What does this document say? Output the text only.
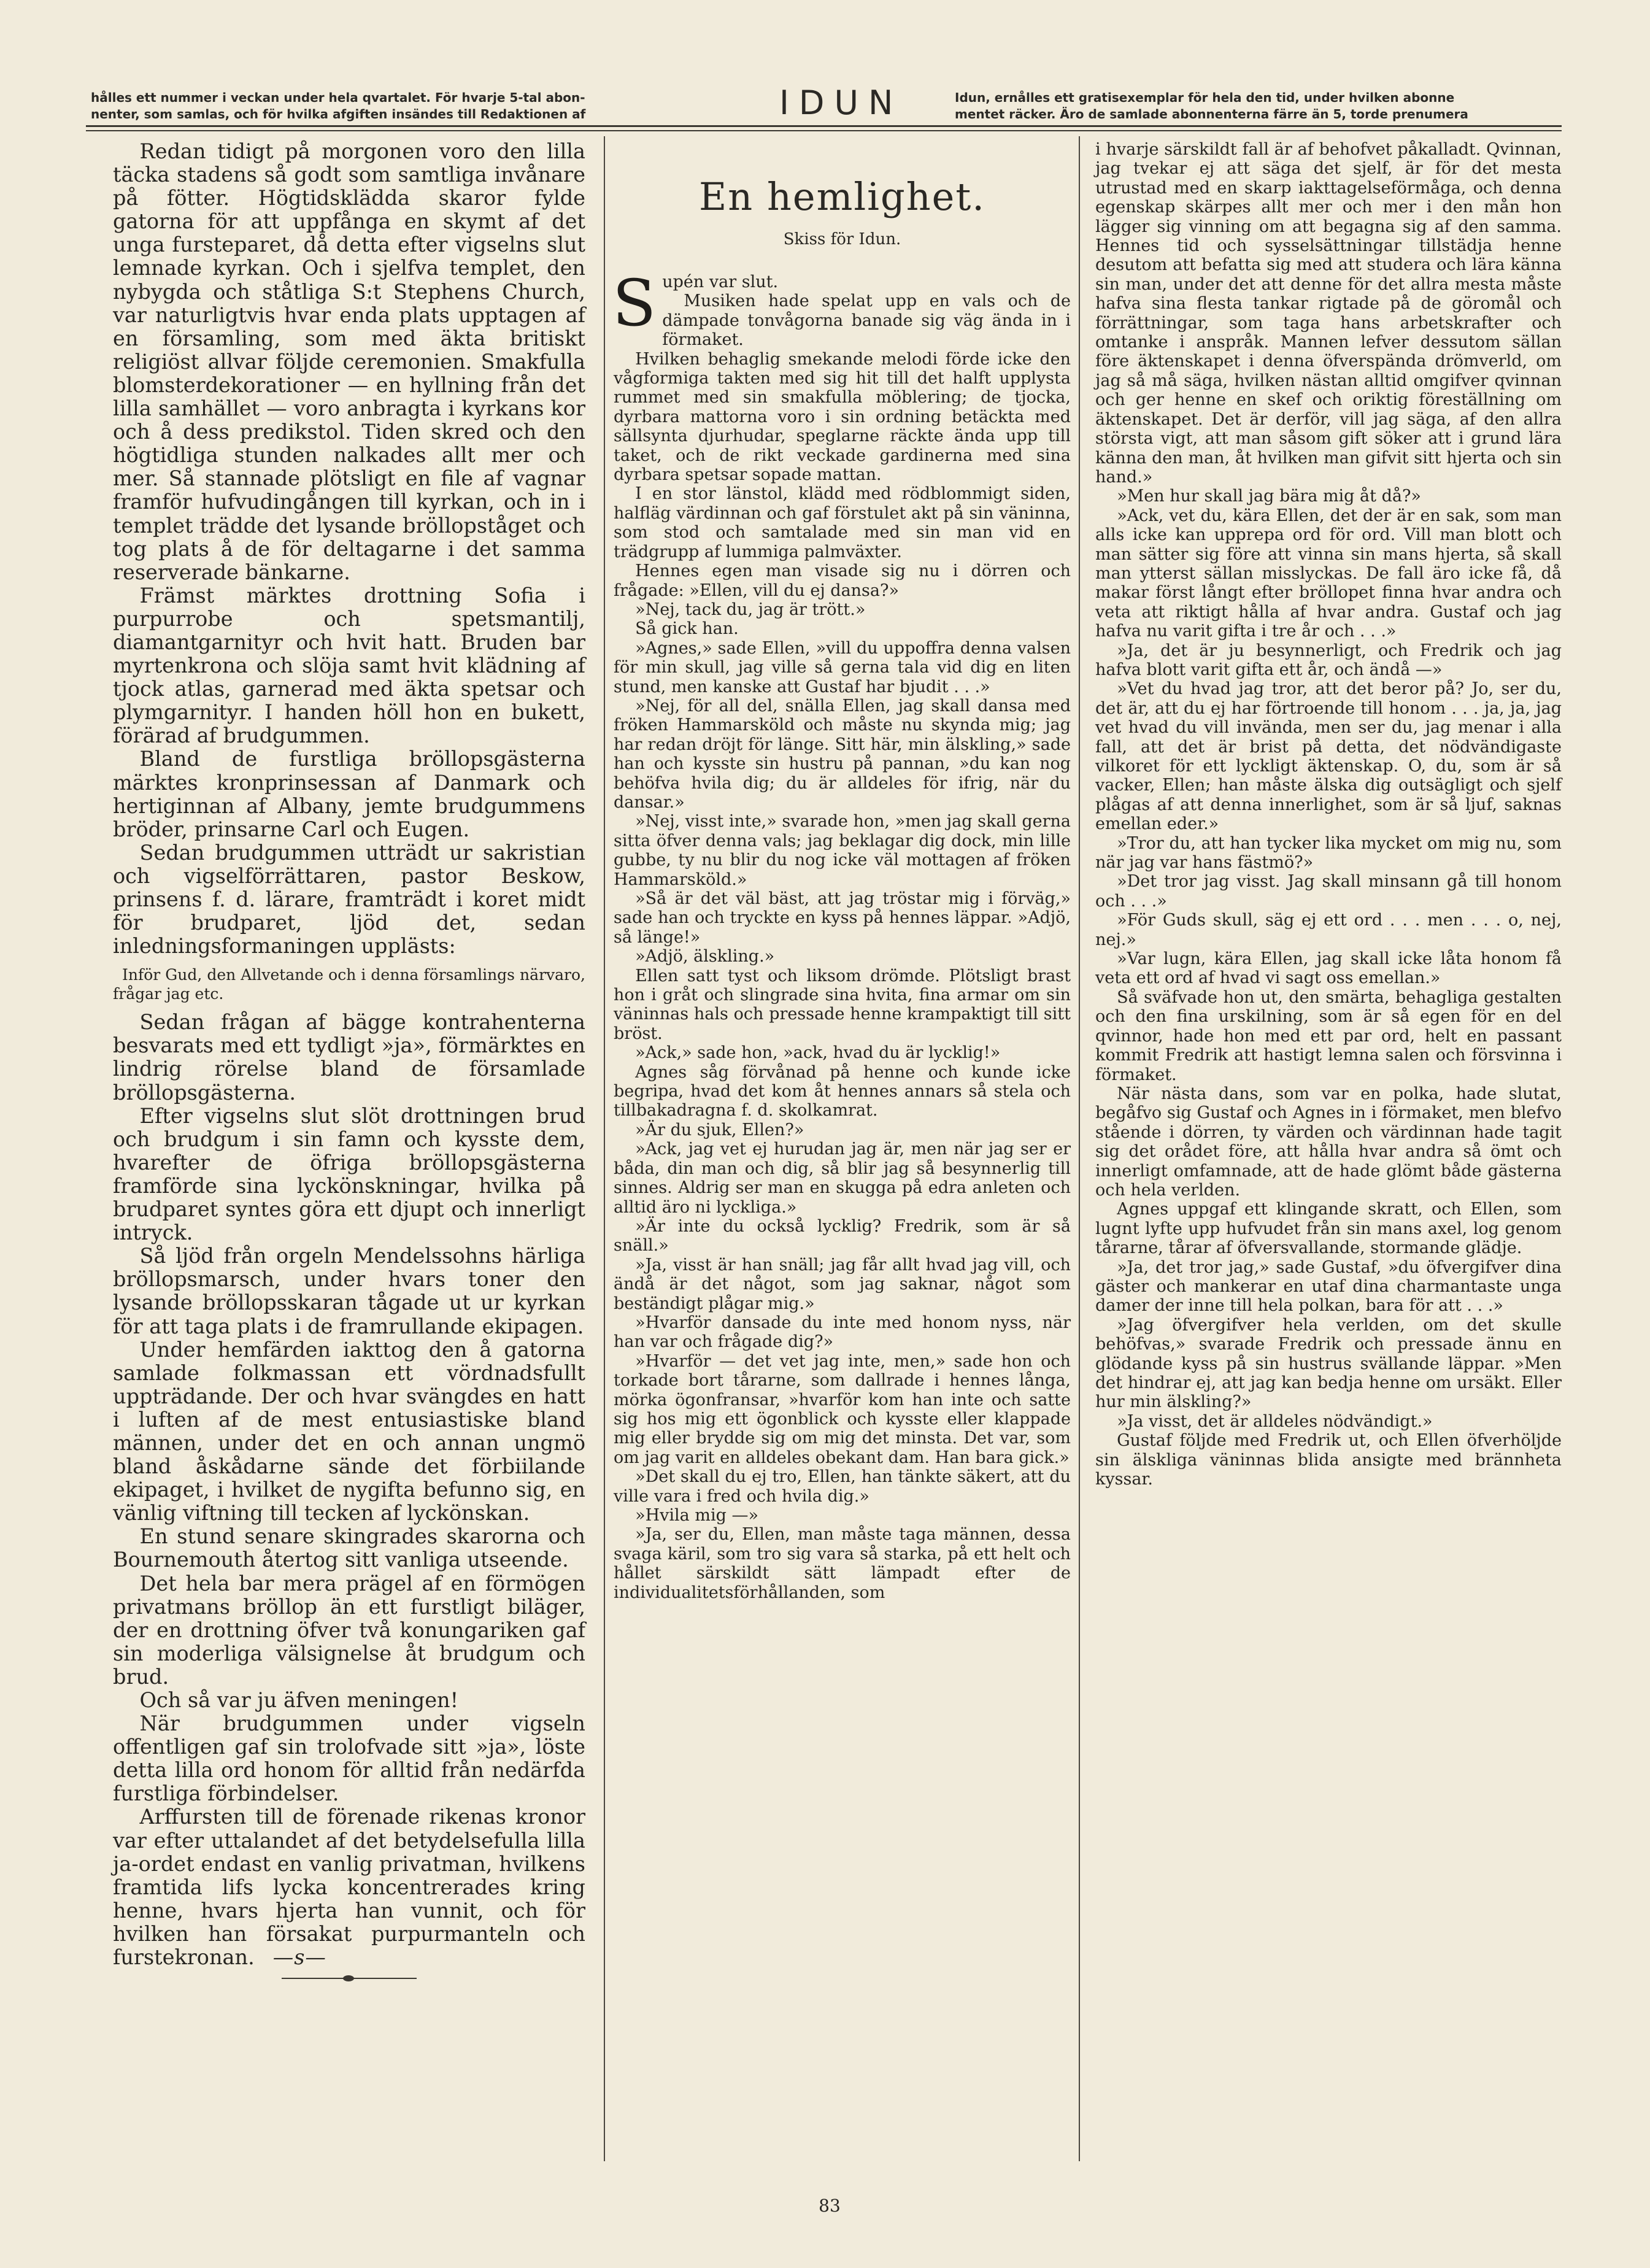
hålles ett nummer i veckan under hela qvartalet. För hvarje 5-tal abon-
nenter, som samlas, och för hvilka afgiften insändes till Redaktionen af	IDUN	Idun, ernålles ett gratisexemplar för hela den tid, under hvilken abonne
mentet räcker. Äro de samlade abonnenterna färre än 5, torde prenumera

Redan tidigt på morgonen voro den lilla täcka stadens så godt som samtliga invånare på fötter. Högtidsklädda skaror fylde gatorna för att uppfånga en skymt af det unga fursteparet, då detta efter vigselns slut lemnade kyrkan. Och i sjelfva templet, den nybygda och ståtliga S:t Stephens Church, var naturligtvis hvar enda plats upptagen af en församling, som med äkta britiskt religiöst allvar följde ceremonien. Smakfulla blomsterdekorationer — en hyllning från det lilla samhället — voro anbragta i kyrkans kor och å dess predikstol. Tiden skred och den högtidliga stunden nalkades allt mer och mer. Så stannade plötsligt en file af vagnar framför hufvudingången till kyrkan, och in i templet trädde det lysande bröllopståget och tog plats å de för deltagarne i det samma reserverade bänkarne.

Främst märktes drottning Sofia i purpurrobe och spetsmantilj, diamantgarnityr och hvit hatt. Bruden bar myrtenkrona och slöja samt hvit klädning af tjock atlas, garnerad med äkta spetsar och plymgarnityr. I handen höll hon en bukett, förärad af brudgummen.

Bland de furstliga bröllopsgästerna märktes kronprinsessan af Danmark och hertiginnan af Albany, jemte brudgummens bröder, prinsarne Carl och Eugen.

Sedan brudgummen utträdt ur sakristian och vigselförrättaren, pastor Beskow, prinsens f. d. lärare, framträdt i koret midt för brudparet, ljöd det, sedan inledningsformaningen upplästs:

Inför Gud, den Allvetande och i denna församlings närvaro, frågar jag etc.

Sedan frågan af bägge kontrahenterna besvarats med ett tydligt »ja», förmärktes en lindrig rörelse bland de församlade bröllopsgästerna.

Efter vigselns slut slöt drottningen brud och brudgum i sin famn och kysste dem, hvarefter de öfriga bröllopsgästerna framförde sina lyckönskningar, hvilka på brudparet syntes göra ett djupt och innerligt intryck.

Så ljöd från orgeln Mendelssohns härliga bröllopsmarsch, under hvars toner den lysande bröllopsskaran tågade ut ur kyrkan för att taga plats i de framrullande ekipagen.

Under hemfärden iakttog den å gatorna samlade folkmassan ett vördnadsfullt uppträdande. Der och hvar svängdes en hatt i luften af de mest entusiastiske bland männen, under det en och annan ungmö bland åskådarne sände det förbiilande ekipaget, i hvilket de nygifta befunno sig, en vänlig viftning till tecken af lyckönskan.

En stund senare skingrades skarorna och Bournemouth återtog sitt vanliga utseende.

Det hela bar mera prägel af en förmögen privatmans bröllop än ett furstligt biläger, der en drottning öfver två konungariken gaf sin moderliga välsignelse åt brudgum och brud.

Och så var ju äfven meningen!

När brudgummen under vigseln offentligen gaf sin trolofvade sitt »ja», löste detta lilla ord honom för alltid från nedärfda furstliga förbindelser.

Arffursten till de förenade rikenas kronor var efter uttalandet af det betydelsefulla lilla ja-ordet endast en vanlig privatman, hvilkens framtida lifs lycka koncentrerades kring henne, hvars hjerta han vunnit, och för hvilken han försakat purpurmanteln och furstekronan. —s—

En hemlighet.
Skiss för Idun.

Supén var slut.

Musiken hade spelat upp en vals och de dämpade tonvågorna banade sig väg ända in i förmaket.

Hvilken behaglig smekande melodi förde icke den vågformiga takten med sig hit till det halft upplysta rummet med sin smakfulla möblering; de tjocka, dyrbara mattorna voro i sin ordning betäckta med sällsynta djurhudar, speglarne räckte ända upp till taket, och de rikt veckade gardinerna med sina dyrbara spetsar sopade mattan.

I en stor länstol, klädd med rödblommigt siden, halfläg värdinnan och gaf förstulet akt på sin väninna, som stod och samtalade med sin man vid en trädgrupp af lummiga palmväxter.

Hennes egen man visade sig nu i dörren och frågade: »Ellen, vill du ej dansa?»

»Nej, tack du, jag är trött.»

Så gick han.

»Agnes,» sade Ellen, »vill du uppoffra denna valsen för min skull, jag ville så gerna tala vid dig en liten stund, men kanske att Gustaf har bjudit . . .»

»Nej, för all del, snälla Ellen, jag skall dansa med fröken Hammarsköld och måste nu skynda mig; jag har redan dröjt för länge. Sitt här, min älskling,» sade han och kysste sin hustru på pannan, »du kan nog behöfva hvila dig; du är alldeles för ifrig, när du dansar.»

»Nej, visst inte,» svarade hon, »men jag skall gerna sitta öfver denna vals; jag beklagar dig dock, min lille gubbe, ty nu blir du nog icke väl mottagen af fröken Hammarsköld.»

»Så är det väl bäst, att jag tröstar mig i förväg,» sade han och tryckte en kyss på hennes läppar. »Adjö, så länge!»

»Adjö, älskling.»

Ellen satt tyst och liksom drömde. Plötsligt brast hon i gråt och slingrade sina hvita, fina armar om sin väninnas hals och pressade henne krampaktigt till sitt bröst.

»Ack,» sade hon, »ack, hvad du är lycklig!»

Agnes såg förvånad på henne och kunde icke begripa, hvad det kom åt hennes annars så stela och tillbakadragna f. d. skolkamrat.

»Är du sjuk, Ellen?»

»Ack, jag vet ej hurudan jag är, men när jag ser er båda, din man och dig, så blir jag så besynnerlig till sinnes. Aldrig ser man en skugga på edra anleten och alltid äro ni lyckliga.»

»Är inte du också lycklig? Fredrik, som är så snäll.»

»Ja, visst är han snäll; jag får allt hvad jag vill, och ändå är det något, som jag saknar, något som beständigt plågar mig.»

»Hvarför dansade du inte med honom nyss, när han var och frågade dig?»

»Hvarför — det vet jag inte, men,» sade hon och torkade bort tårarne, som dallrade i hennes långa, mörka ögonfransar, »hvarför kom han inte och satte sig hos mig ett ögonblick och kysste eller klappade mig eller brydde sig om mig det minsta. Det var, som om jag varit en alldeles obekant dam. Han bara gick.»

»Det skall du ej tro, Ellen, han tänkte säkert, att du ville vara i fred och hvila dig.»

»Hvila mig —»

»Ja, ser du, Ellen, man måste taga männen, dessa svaga käril, som tro sig vara så starka, på ett helt och hållet särskildt sätt lämpadt efter de individualitetsförhållanden, som

i hvarje särskildt fall är af behofvet påkalladt. Qvinnan, jag tvekar ej att säga det sjelf, är för det mesta utrustad med en skarp iakttagelseförmåga, och denna egenskap skärpes allt mer och mer i den mån hon lägger sig vinning om att begagna sig af den samma. Hennes tid och sysselsättningar tillstädja henne desutom att befatta sig med att studera och lära känna sin man, under det att denne för det allra mesta måste hafva sina flesta tankar rigtade på de göromål och förrättningar, som taga hans arbetskrafter och omtanke i anspråk. Mannen lefver dessutom sällan före äktenskapet i denna öfverspända drömverld, om jag så må säga, hvilken nästan alltid omgifver qvinnan och ger henne en skef och oriktig föreställning om äktenskapet. Det är derför, vill jag säga, af den allra största vigt, att man såsom gift söker att i grund lära känna den man, åt hvilken man gifvit sitt hjerta och sin hand.»

»Men hur skall jag bära mig åt då?»

»Ack, vet du, kära Ellen, det der är en sak, som man alls icke kan upprepa ord för ord. Vill man blott och man sätter sig före att vinna sin mans hjerta, så skall man ytterst sällan misslyckas. De fall äro icke få, då makar först långt efter bröllopet finna hvar andra och veta att riktigt hålla af hvar andra. Gustaf och jag hafva nu varit gifta i tre år och . . .»

»Ja, det är ju besynnerligt, och Fredrik och jag hafva blott varit gifta ett år, och ändå —»

»Vet du hvad jag tror, att det beror på? Jo, ser du, det är, att du ej har förtroende till honom . . . ja, ja, jag vet hvad du vill invända, men ser du, jag menar i alla fall, att det är brist på detta, det nödvändigaste vilkoret för ett lyckligt äktenskap. O, du, som är så vacker, Ellen; han måste älska dig outsägligt och sjelf plågas af att denna innerlighet, som är så ljuf, saknas emellan eder.»

»Tror du, att han tycker lika mycket om mig nu, som när jag var hans fästmö?»

»Det tror jag visst. Jag skall minsann gå till honom och . . .»

»För Guds skull, säg ej ett ord . . . men . . . o, nej, nej.»

»Var lugn, kära Ellen, jag skall icke låta honom få veta ett ord af hvad vi sagt oss emellan.»

Så sväfvade hon ut, den smärta, behagliga gestalten och den fina urskilning, som är så egen för en del qvinnor, hade hon med ett par ord, helt en passant kommit Fredrik att hastigt lemna salen och försvinna i förmaket.

När nästa dans, som var en polka, hade slutat, begåfvo sig Gustaf och Agnes in i förmaket, men blefvo stående i dörren, ty värden och värdinnan hade tagit sig det orådet före, att hålla hvar andra så ömt och innerligt omfamnade, att de hade glömt både gästerna och hela verlden.

Agnes uppgaf ett klingande skratt, och Ellen, som lugnt lyfte upp hufvudet från sin mans axel, log genom tårarne, tårar af öfversvallande, stormande glädje.

»Ja, det tror jag,» sade Gustaf, »du öfvergifver dina gäster och mankerar en utaf dina charmantaste unga damer der inne till hela polkan, bara för att . . .»

»Jag öfvergifver hela verlden, om det skulle behöfvas,» svarade Fredrik och pressade ännu en glödande kyss på sin hustrus svällande läppar. »Men det hindrar ej, att jag kan bedja henne om ursäkt. Eller hur min älskling?»

»Ja visst, det är alldeles nödvändigt.»

Gustaf följde med Fredrik ut, och Ellen öfverhöljde sin älskliga väninnas blida ansigte med brännheta kyssar.

83
